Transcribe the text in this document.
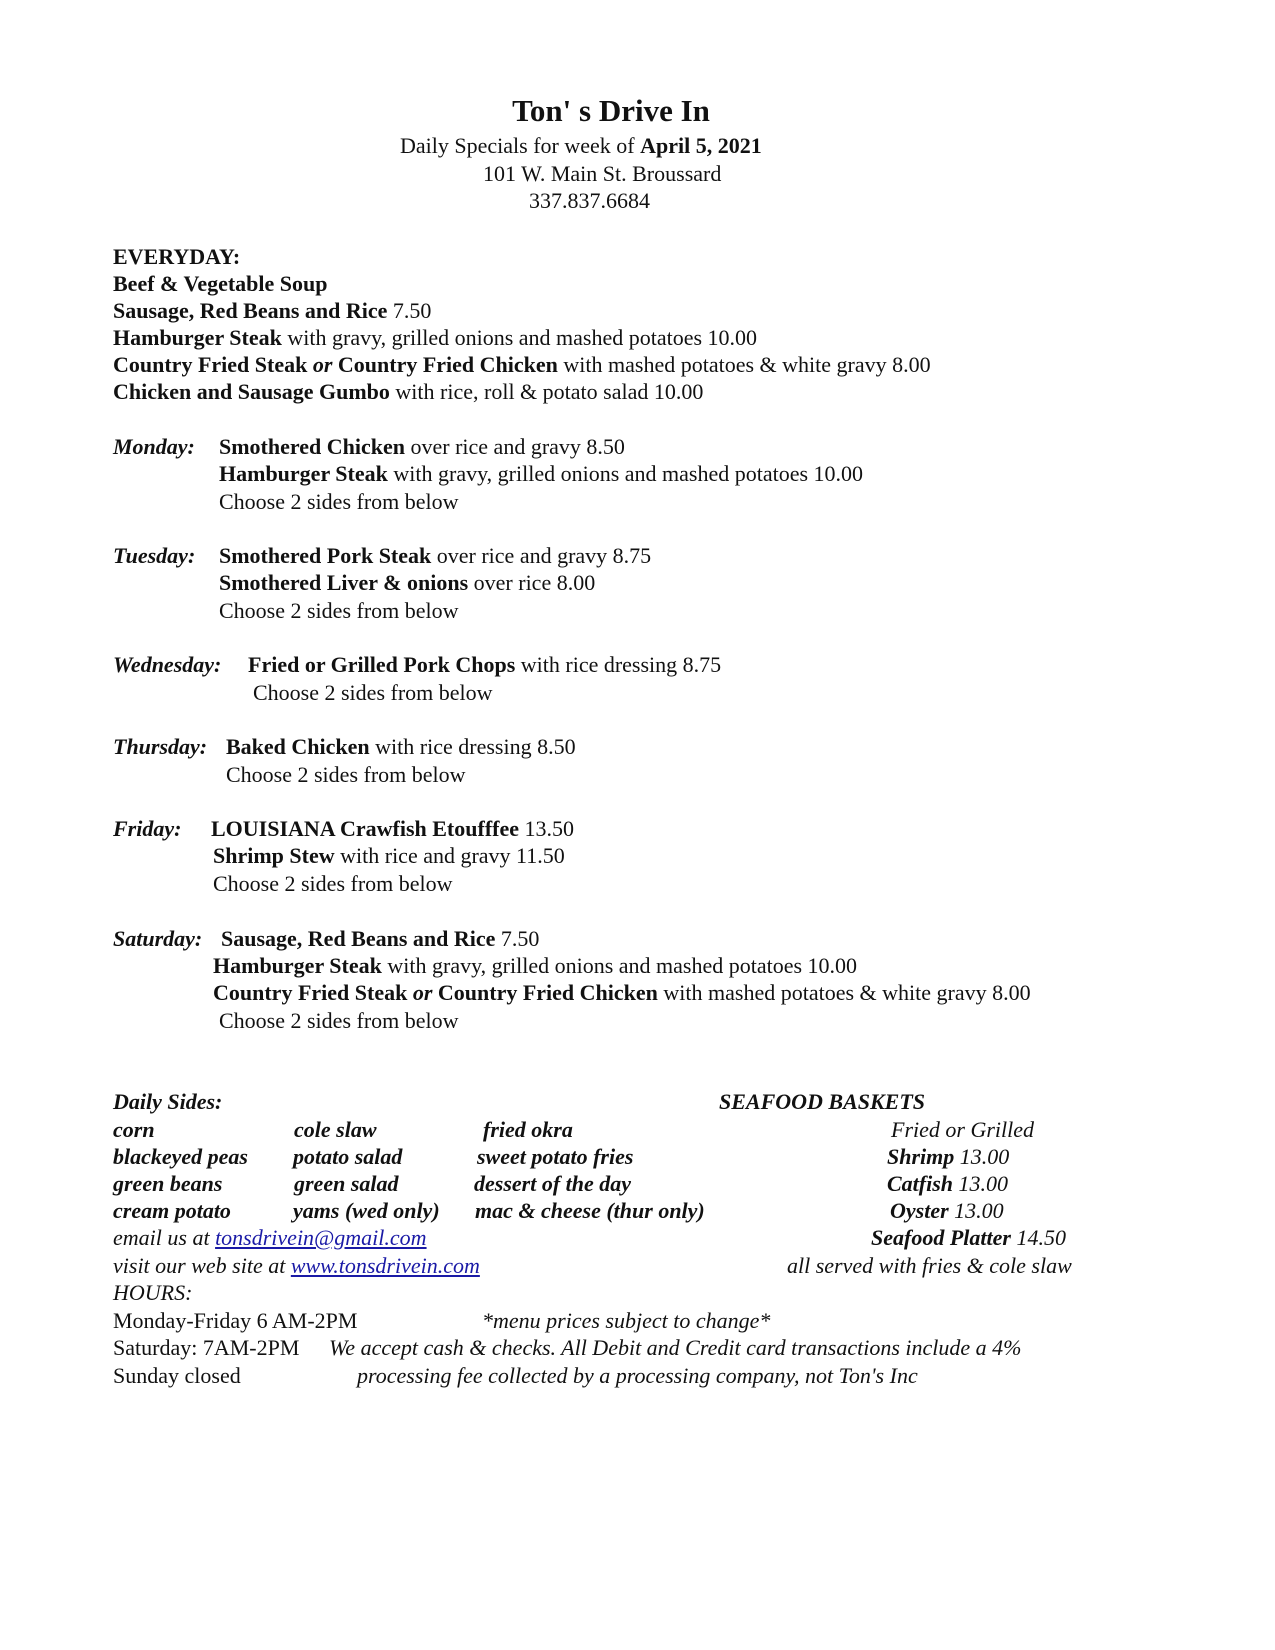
Ton' s Drive In
Daily Specials for week of April 5, 2021
101 W. Main St. Broussard
337.837.6684
EVERYDAY:
Beef & Vegetable Soup
Sausage, Red Beans and Rice 7.50
Hamburger Steak with gravy, grilled onions and mashed potatoes 10.00
Country Fried Steak or Country Fried Chicken with mashed potatoes & white gravy 8.00
Chicken and Sausage Gumbo with rice, roll & potato salad 10.00
Monday: Smothered Chicken over rice and gravy 8.50
Hamburger Steak with gravy, grilled onions and mashed potatoes 10.00
Choose 2 sides from below
Tuesday: Smothered Pork Steak over rice and gravy 8.75
Smothered Liver & onions over rice 8.00
Choose 2 sides from below
Wednesday: Fried or Grilled Pork Chops with rice dressing 8.75
Choose 2 sides from below
Thursday: Baked Chicken with rice dressing 8.50
Choose 2 sides from below
Friday: LOUISIANA Crawfish Etoufffee 13.50
Shrimp Stew with rice and gravy 11.50
Choose 2 sides from below
Saturday: Sausage, Red Beans and Rice 7.50
Hamburger Steak with gravy, grilled onions and mashed potatoes 10.00
Country Fried Steak or Country Fried Chicken with mashed potatoes & white gravy 8.00
Choose 2 sides from below
Daily Sides:
corn
blackeyed peas
green beans
cream potato
cole slaw
potato salad
green salad
yams (wed only)
fried okra
sweet potato fries
dessert of the day
mac & cheese (thur only)
SEAFOOD BASKETS
Fried or Grilled
Shrimp 13.00
Catfish 13.00
Oyster 13.00
Seafood Platter 14.50
all served with fries & cole slaw
email us at tonsdrivein@gmail.com
visit our web site at www.tonsdrivein.com
HOURS:
Monday-Friday 6 AM-2PM
Saturday: 7AM-2PM
Sunday closed
*menu prices subject to change*
We accept cash & checks. All Debit and Credit card transactions include a 4%
processing fee collected by a processing company, not Ton's Inc
